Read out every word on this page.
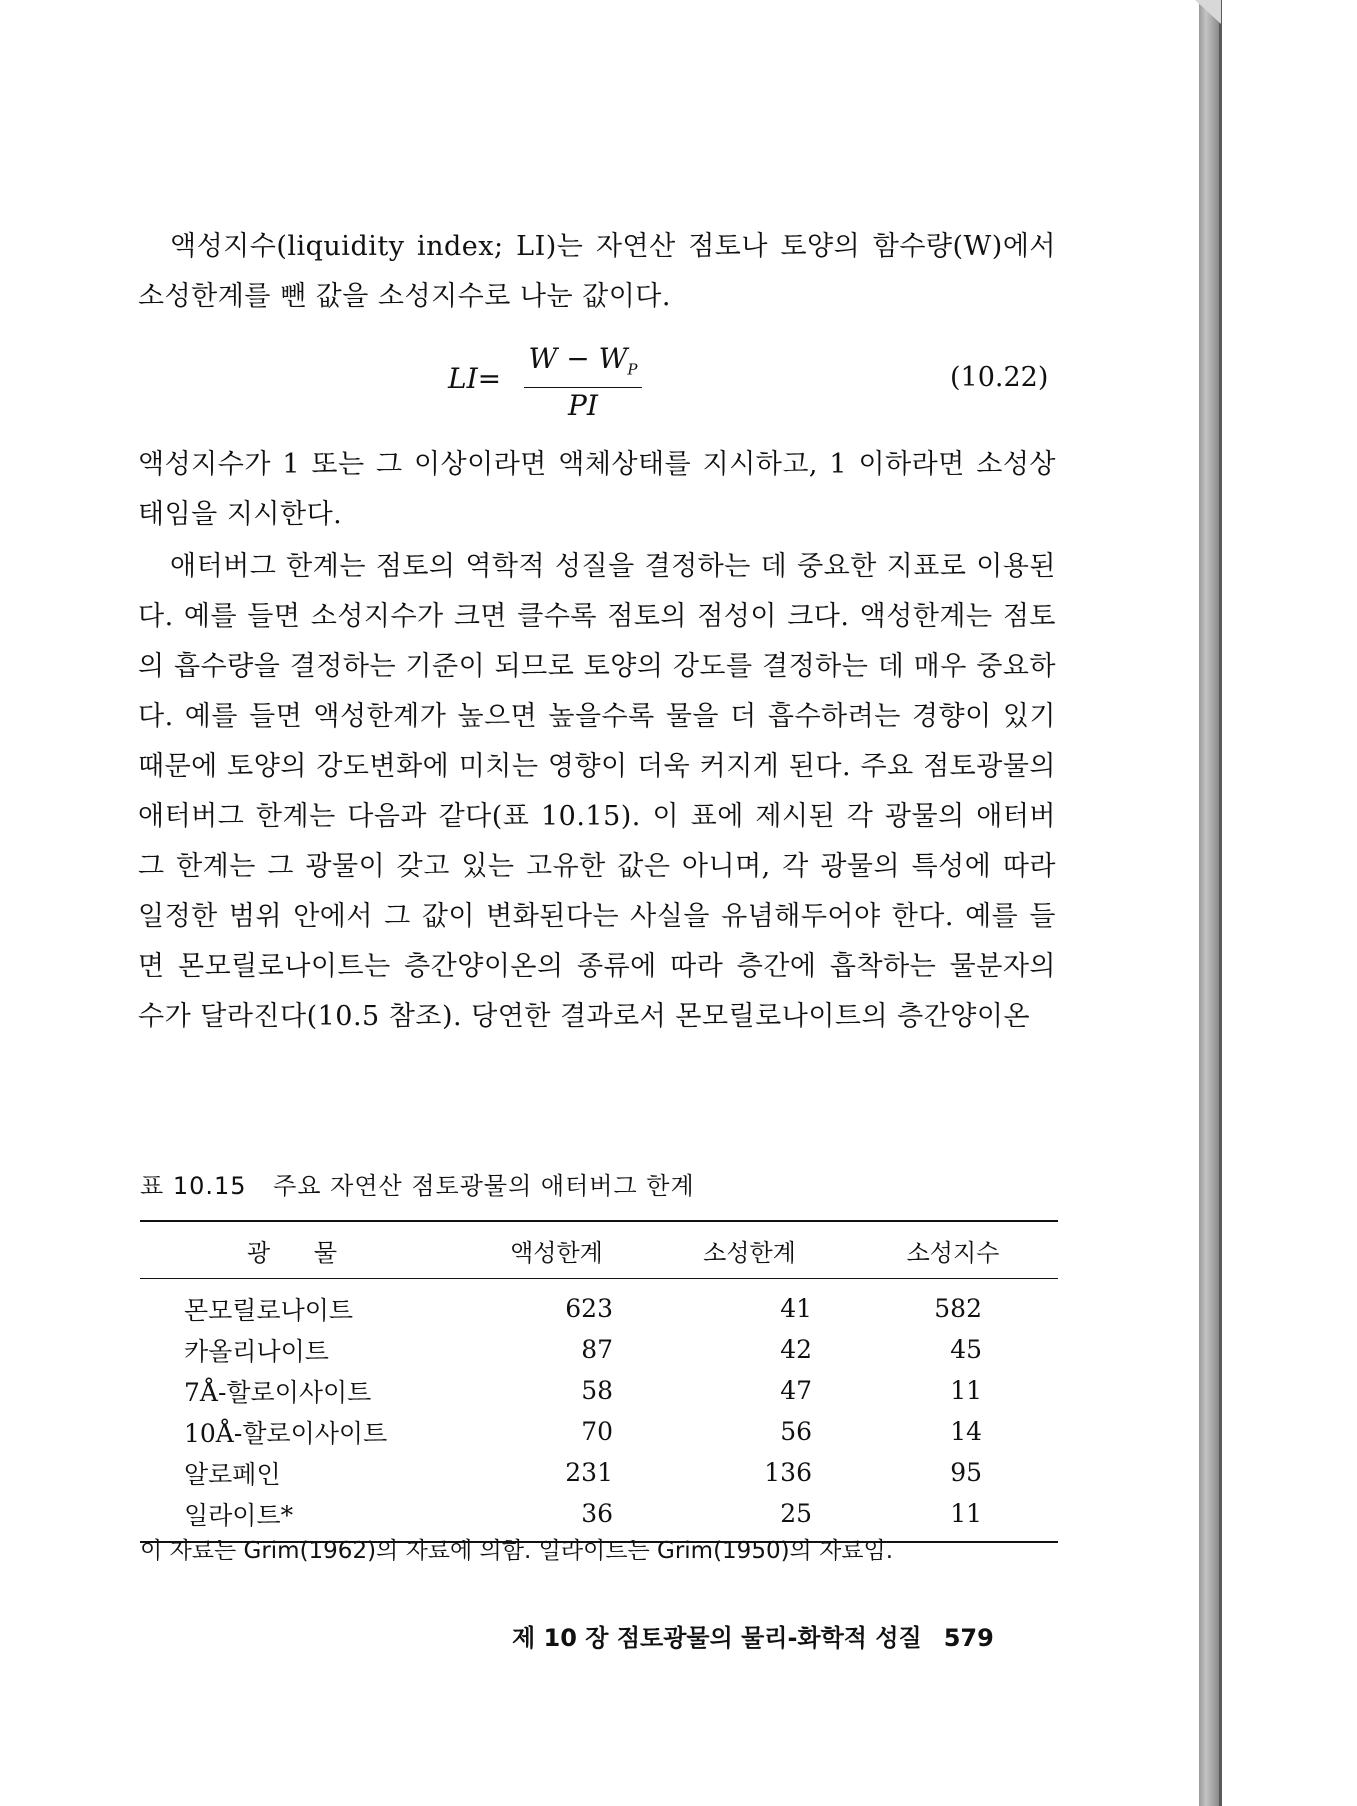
액성지수(liquidity index; LI)는 자연산 점토나 토양의 함수량(W)에서 소성한계를 뺀 값을 소성지수로 나눈 값이다.

$LI= \frac{W - W_P}{PI}$	(10.22)

액성지수가 1 또는 그 이상이라면 액체상태를 지시하고, 1 이하라면 소성상태임을 지시한다.

애터버그 한계는 점토의 역학적 성질을 결정하는 데 중요한 지표로 이용된다. 예를 들면 소성지수가 크면 클수록 점토의 점성이 크다. 액성한계는 점토의 흡수량을 결정하는 기준이 되므로 토양의 강도를 결정하는 데 매우 중요하다. 예를 들면 액성한계가 높으면 높을수록 물을 더 흡수하려는 경향이 있기 때문에 토양의 강도변화에 미치는 영향이 더욱 커지게 된다. 주요 점토광물의 애터버그 한계는 다음과 같다(표 10.15). 이 표에 제시된 각 광물의 애터버그 한계는 그 광물이 갖고 있는 고유한 값은 아니며, 각 광물의 특성에 따라 일정한 범위 안에서 그 값이 변화된다는 사실을 유념해두어야 한다. 예를 들면 몬모릴로나이트는 층간양이온의 종류에 따라 층간에 흡착하는 물분자의 수가 달라진다(10.5 참조). 당연한 결과로서 몬모릴로나이트의 층간양이온

표 10.15 주요 자연산 점토광물의 애터버그 한계
광 물	액성한계	소성한계	소성지수
몬모릴로나이트	623	41	582
카올리나이트	87	42	45
7Å-할로이사이트	58	47	11
10Å-할로이사이트	70	56	14
알로페인	231	136	95
일라이트*	36	25	11
이 자료는 Grim(1962)의 자료에 의함. 일라이트는 Grim(1950)의 자료임.
제 10 장 점토광물의 물리-화학적 성질 579
